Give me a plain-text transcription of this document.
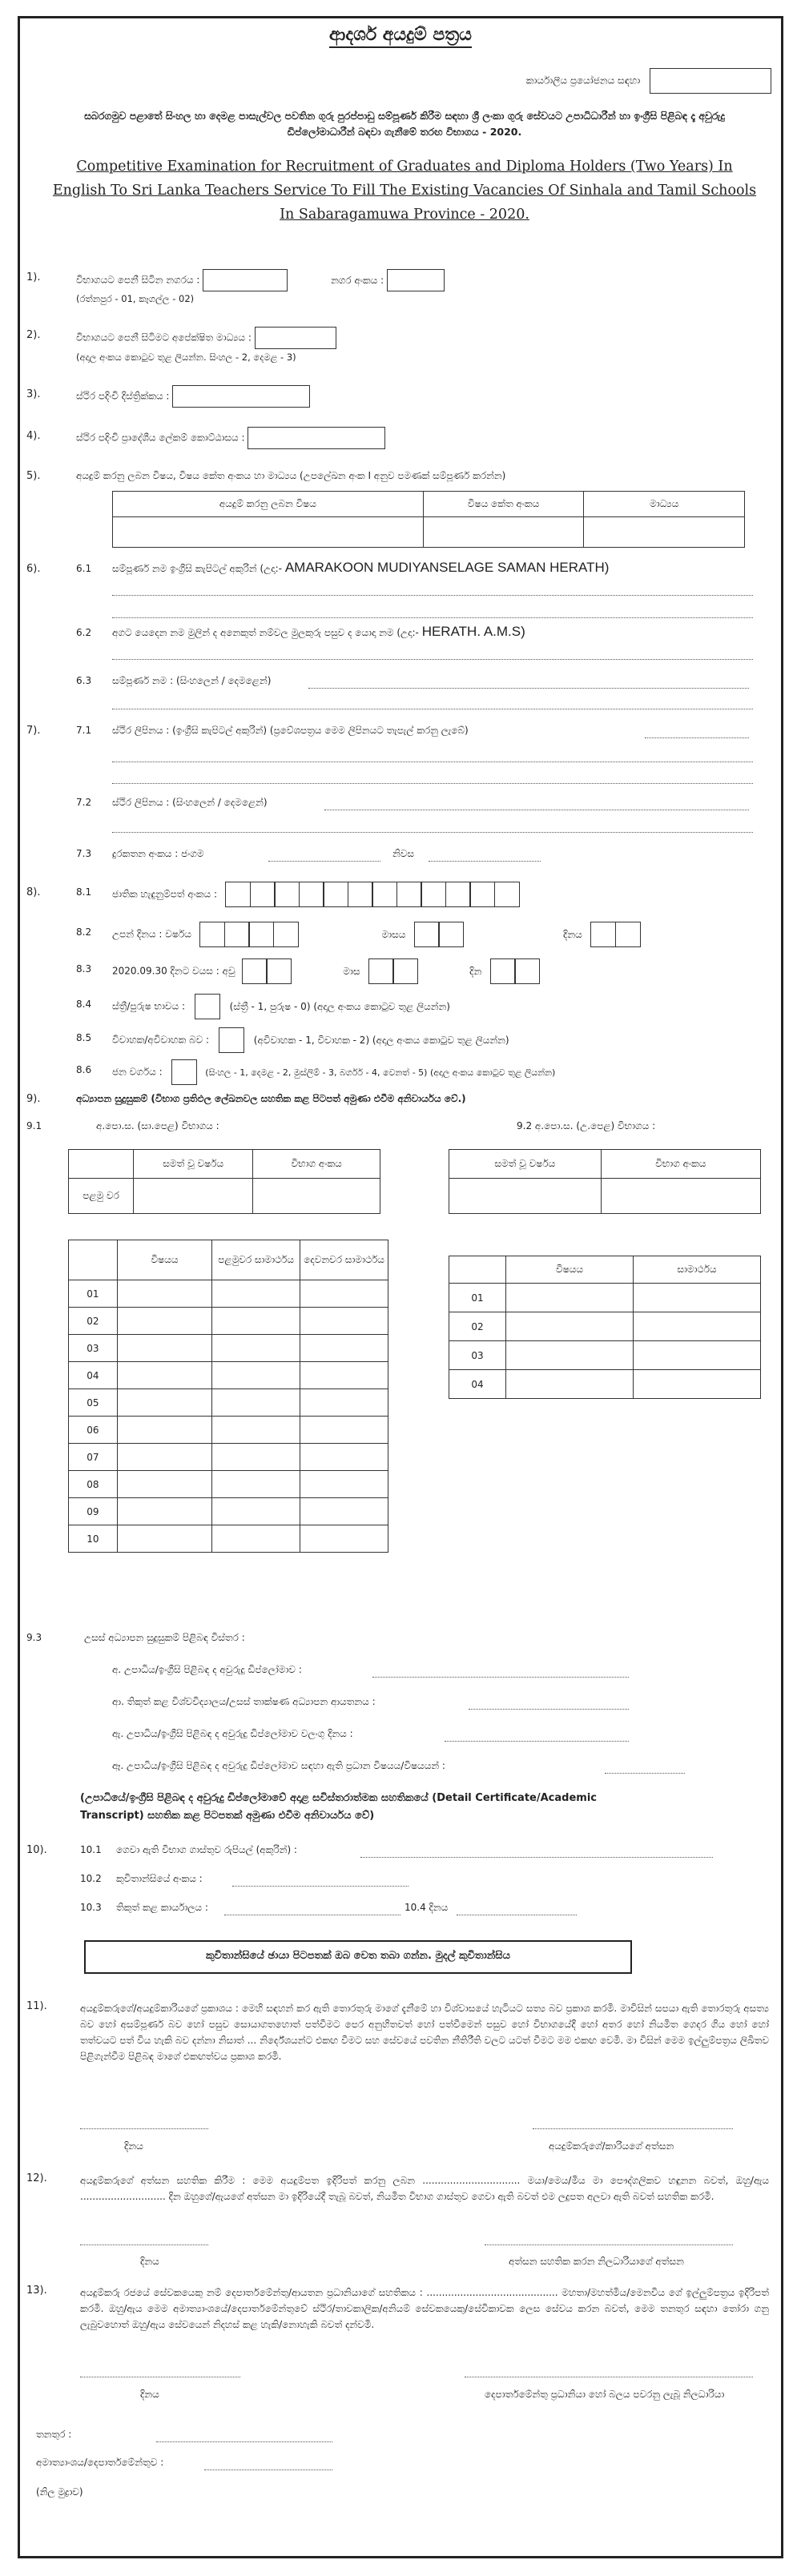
ආදර්ශ අයදුම් පත්‍රය
කාර්යාලීය ප්‍රයෝජනය සඳහා
සබරගමුව පළාතේ සිංහල හා දෙමළ පාසැල්වල පවතින ගුරු පුරප්පාඩු සම්පූර්ණ කිරීම සඳහා ශ්‍රී ලංකා ගුරු සේවයට උපාධිධාරීන් හා ඉංග්‍රීසි පිළිබඳ දෑ අවුරුදු ඩිප්ලෝමාධාරීන් බඳවා ගැනීමේ තරඟ විභාගය - 2020.
Competitive Examination for Recruitment of Graduates and Diploma Holders (Two Years) In English To Sri Lanka Teachers Service To Fill The Existing Vacancies Of Sinhala and Tamil Schools In Sabaragamuwa Province - 2020.
1).	විභාගයට පෙනී සිටින නගරය :	නගර අංකය :
(රත්නපුර - 01, කෑගල්ල - 02)
2).	විභාගයට පෙනී සිටිමට අපේක්ෂිත මාධ්‍යය :
(අදාල අංකය කොටුව තුළ ලියන්න. සිංහල - 2, දෙමළ - 3)
3).	ස්ථිර පදිංචි දිස්ත්‍රික්කය :
4).	ස්ථිර පදිංචි ප්‍රාදේශීය ලේකම් කොට්ඨාසය :
5).	අයදුම් කරනු ලබන විෂය, විෂය කේත අංකය හා මාධ්‍යය (උපලේඛන අංක I අනුව පමණක් සම්පූර්ණ කරන්න)
අයදුම් කරනු ලබන විෂය	විෂය කේත අංකය	මාධ්‍යය

6).	6.1 සම්පූර්ණ නම ඉංග්‍රීසි කැපිටල් අකුරින් (උදා:- AMARAKOON MUDIYANSELAGE SAMAN HERATH)
6.2 අගට යෙදෙන නම මුලින් ද අනෙකුත් නම්වල මුලකුරු පසුව ද යොදා නම (උදා:- HERATH. A.M.S)
6.3 සම්පූර්ණ නම : (සිංහලෙන් / දෙමළෙන්)
7).	7.1 ස්ථිර ලිපිනය : (ඉංග්‍රීසි කැපිටල් අකුරින්) (ප්‍රවේශපත්‍රය මෙම ලිපිනයට තැපැල් කරනු ලැබේ)
7.2 ස්ථිර ලිපිනය : (සිංහලෙන් / දෙමළෙන්)
7.3 දුරකතන අංකය : ජංගම	නිවස
8).	8.1 ජාතික හැඳුනුම්පත් අංකය :
8.2 උපන් දිනය : වර්ෂය	මාසය	දිනය
8.3 2020.09.30 දිනට වයස : අවු	මාස	දින
8.4 ස්ත්‍රී/පුරුෂ භාවය :	(ස්ත්‍රී - 1, පුරුෂ - 0) (අදාල අංකය කොටුව තුළ ලියන්න)
8.5 විවාහක/අවිවාහක බව :	(අවිවාහක - 1, විවාහක - 2) (අදාල අංකය කොටුව තුළ ලියන්න)
8.6 ජන වර්ගය :	(සිංහල - 1, දෙමළ - 2, මුස්ලිම් - 3, බර්ගර් - 4, වෙනත් - 5) (අදාල අංකය කොටුව තුළ ලියන්න)
9).	අධ්‍යාපන සුදුසුකම් (විභාග ප්‍රතිඵල ලේඛනවල සහතික කළ පිටපත් අමුණා එවීම අනිවාර්යය වේ.)
9.1	අ.පො.ස. (සා.පෙළ) විභාගය :	9.2 අ.පො.ස. (උ.පෙළ) විභාගය :
	සමත් වූ වර්ෂය	විභාග අංකය
පළමු වර		
සමත් වූ වර්ෂය	විභාග අංකය

	විෂයය	පළමුවර සාමාර්ථය	දෙවනවර සාමාර්ථය
01			
02			
03			
04			
05			
06			
07			
08			
09			
10			
	විෂයය	සාමාර්ථය
01		
02		
03		
04		
9.3	උසස් අධ්‍යාපන සුදුසුකම් පිළිබඳ විස්තර :
අ. උපාධිය/ඉංග්‍රීසි පිළිබඳ ද අවුරුදු ඩිප්ලෝමාව :
ආ. තිකුත් කළ විශ්වවිද්‍යාලය/උසස් තාක්ෂණ අධ්‍යාපන ආයතනය :
ඇ. උපාධිය/ඉංග්‍රීසි පිළිබඳ ද අවුරුදු ඩිප්ලෝමාව වලංගු දිනය :
ඈ. උපාධිය/ඉංග්‍රීසි පිළිබඳ ද අවුරුදු ඩිප්ලෝමාව සඳහා ඇති ප්‍රධාන විෂයය/විෂයයන් :
(උපාධියේ/ඉංග්‍රීසි පිළිබඳ ද අවුරුදු ඩිප්ලෝමාවේ අදාළ සවිස්තරාත්මක සහතිකයේ (Detail Certificate/Academic
Transcript) සහතික කළ පිටපතක් අමුණා එවීම අනිවාර්යය වේ)
10).	10.1 ගෙවා ඇති විභාග ගාස්තුව රුපියල් (අකුරින්) :
10.2 කුවිතාන්සියේ අංකය :
10.3 තිකුත් කළ කාර්යාලය :	10.4 දිනය
කුවිතාන්සියේ ඡායා පිටපතක් ඔබ වෙත තබා ගන්න. මුදල් කුවිතාන්සිය
11).	අයදුම්කරුගේ/අයදුම්කාරියගේ ප්‍රකාශය : මෙහි සඳහන් කර ඇති තොරතුරු මාගේ දැනීමේ හා විශ්වාසයේ හැටියට සත්‍ය බව ප්‍රකාශ කරමි. මාවිසින් සපයා ඇති තොරතුරු අසත්‍ය බව හෝ අසම්පූර්ණ බව හෝ පසුව සොයාගතහොත් පත්වීමට පෙර අනුහිතවත් හෝ පත්වීමෙන් පසුව හෝ විභාගයේදී හෝ අතර හෝ නියමිත ගෙදර ගිය හෝ හෝ තත්වයට පත් විය හැකි බව දන්නා නිසාත් ... නිර්දේශයන්ට එකඟ වීමට සහ සේවයේ පවතින නීතිරීති වලට යටත් වීමට මම එකඟ වෙමි. මා විසින් මෙම ඉල්ලුම්පත්‍රය ලිඛිතව පිළිගැන්වීම පිළිබඳ මාගේ එකඟත්වය ප්‍රකාශ කරමි.
දිනය	අයදුම්කරුගේ/කාරියගේ අත්සන
12).	අයදුම්කරුගේ අත්සන සහතික කිරීම : මෙම අයදුම්පත ඉදිරිපත් කරනු ලබන ................................ මයා/මෙය/මිය මා පෞද්ගලිකව හඳුනන බවත්, ඔහු/ඇය ............................ දින ඔහුගේ/ඇයගේ අත්සන මා ඉදිරියේදී තැබූ බවත්, නියමිත විභාග ගාස්තුව ගෙවා ඇති බවත් එම ලදුපත අලවා ඇති බවත් සහතික කරමි.
දිනය	අත්සන සහතික කරන නිලධාරියාගේ අත්සන
13).	අයදුම්කරු රජයේ සේවකයෙකු නම් දෙපාර්තමේන්තු/ආයතන ප්‍රධානියාගේ සහතිකය : ........................................... මහතා/මහත්මිය/මෙනවිය ගේ ඉල්ලුම්පත්‍රය ඉදිරිපත් කරමි. ඔහු/ඇය මෙම අමාත්‍යාංශයේ/දෙපාර්තමේන්තුවේ ස්ථිර/තාවකාලික/අනියම් සේවකයෙකු/සේවිකාවක ලෙස සේවය කරන බවත්, මෙම තනතුර සඳහා තෝරා ගනු ලැබුවහොත් ඔහු/ඇය සේවයෙන් නිදහස් කළ හැකි/නොහැකි බවත් දන්වමි.
දිනය	දෙපාර්තමේන්තු ප්‍රධානියා හෝ බලය පවරනු ලැබූ නිලධාරියා
තනතුර :
අමාත්‍යාංශය/දෙපාර්තමේන්තුව :
(නිල මුද්‍රාව)
